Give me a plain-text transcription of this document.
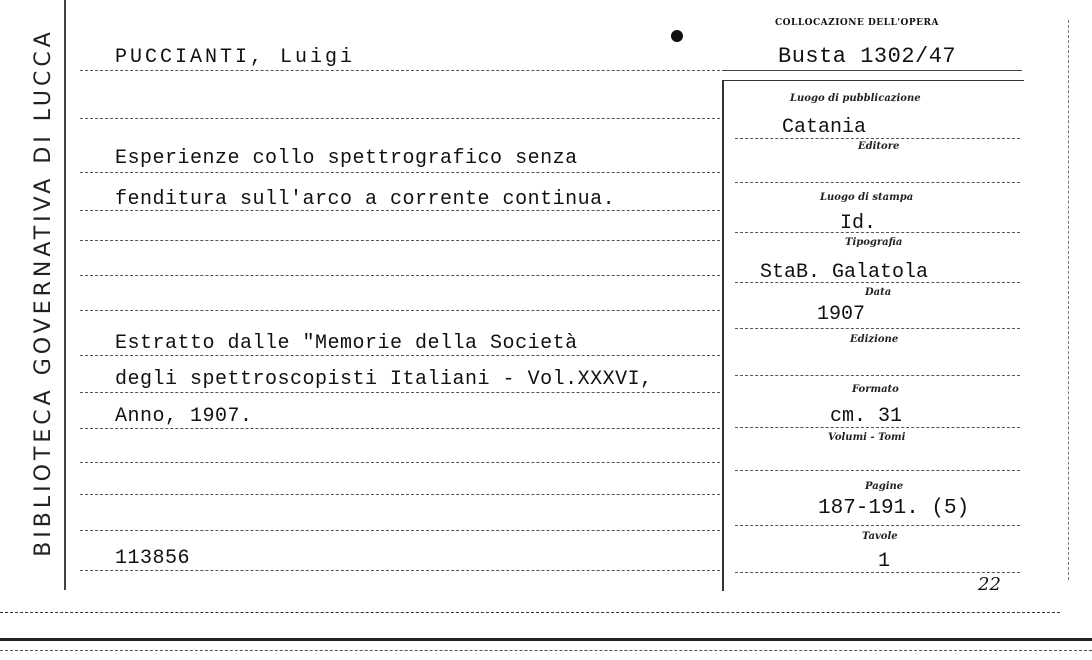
BIBLIOTECA GOVERNATIVA DI LUCCA
COLLOCAZIONE DELL'OPERA
PUCCIANTI, Luigi	Busta 1302/47
Esperienze collo spettrografico senza
fenditura sull'arco a corrente continua.
Estratto dalle "Memorie della Società
degli spettroscopisti Italiani - Vol.XXXVI,
Anno, 1907.
113856
Luogo di pubblicazione
Catania
Editore
Luogo di stampa
Id.
Tipografia
StaB. Galatola
Data
1907
Edizione
Formato
cm. 31
Volumi - Tomi
Pagine
187-191. (5)
Tavole
1
22
